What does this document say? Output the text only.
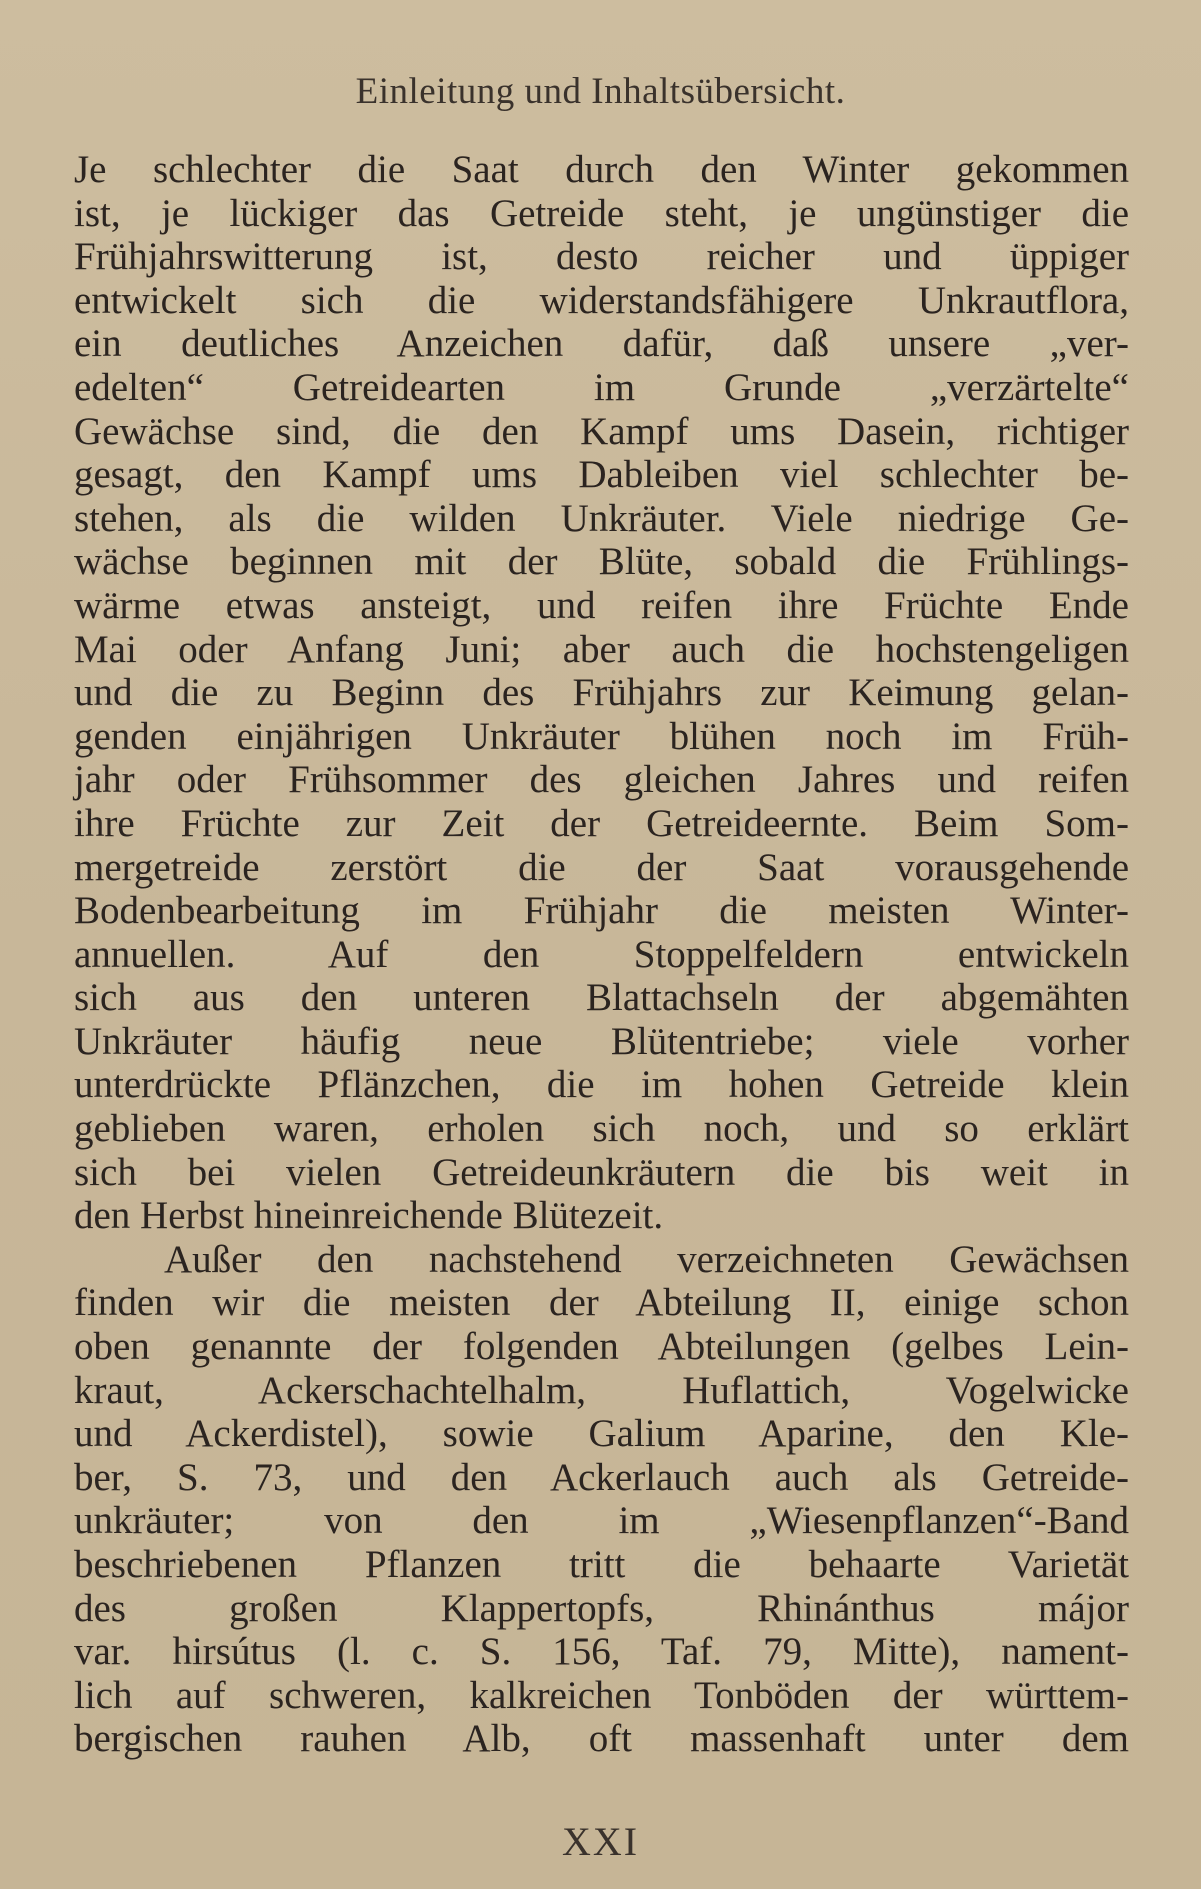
Einleitung und Inhaltsübersicht.
Je schlechter die Saat durch den Winter gekommen
ist, je lückiger das Getreide steht, je ungünstiger die
Frühjahrswitterung ist, desto reicher und üppiger
entwickelt sich die widerstandsfähigere Unkrautflora,
ein deutliches Anzeichen dafür, daß unsere „ver-
edelten“ Getreidearten im Grunde „verzärtelte“
Gewächse sind, die den Kampf ums Dasein, richtiger
gesagt, den Kampf ums Dableiben viel schlechter be-
stehen, als die wilden Unkräuter. Viele niedrige Ge-
wächse beginnen mit der Blüte, sobald die Frühlings-
wärme etwas ansteigt, und reifen ihre Früchte Ende
Mai oder Anfang Juni; aber auch die hochstengeligen
und die zu Beginn des Frühjahrs zur Keimung gelan-
genden einjährigen Unkräuter blühen noch im Früh-
jahr oder Frühsommer des gleichen Jahres und reifen
ihre Früchte zur Zeit der Getreideernte. Beim Som-
mergetreide zerstört die der Saat vorausgehende
Bodenbearbeitung im Frühjahr die meisten Winter-
annuellen. Auf den Stoppelfeldern entwickeln
sich aus den unteren Blattachseln der abgemähten
Unkräuter häufig neue Blütentriebe; viele vorher
unterdrückte Pflänzchen, die im hohen Getreide klein
geblieben waren, erholen sich noch, und so erklärt
sich bei vielen Getreideunkräutern die bis weit in
den Herbst hineinreichende Blütezeit.
Außer den nachstehend verzeichneten Gewächsen
finden wir die meisten der Abteilung II, einige schon
oben genannte der folgenden Abteilungen (gelbes Lein-
kraut, Ackerschachtelhalm, Huflattich, Vogelwicke
und Ackerdistel), sowie Galium Aparine, den Kle-
ber, S. 73, und den Ackerlauch auch als Getreide-
unkräuter; von den im „Wiesenpflanzen“-Band
beschriebenen Pflanzen tritt die behaarte Varietät
des großen Klappertopfs, Rhinánthus májor
var. hirsútus (l. c. S. 156, Taf. 79, Mitte), nament-
lich auf schweren, kalkreichen Tonböden der württem-
bergischen rauhen Alb, oft massenhaft unter dem
XXI
